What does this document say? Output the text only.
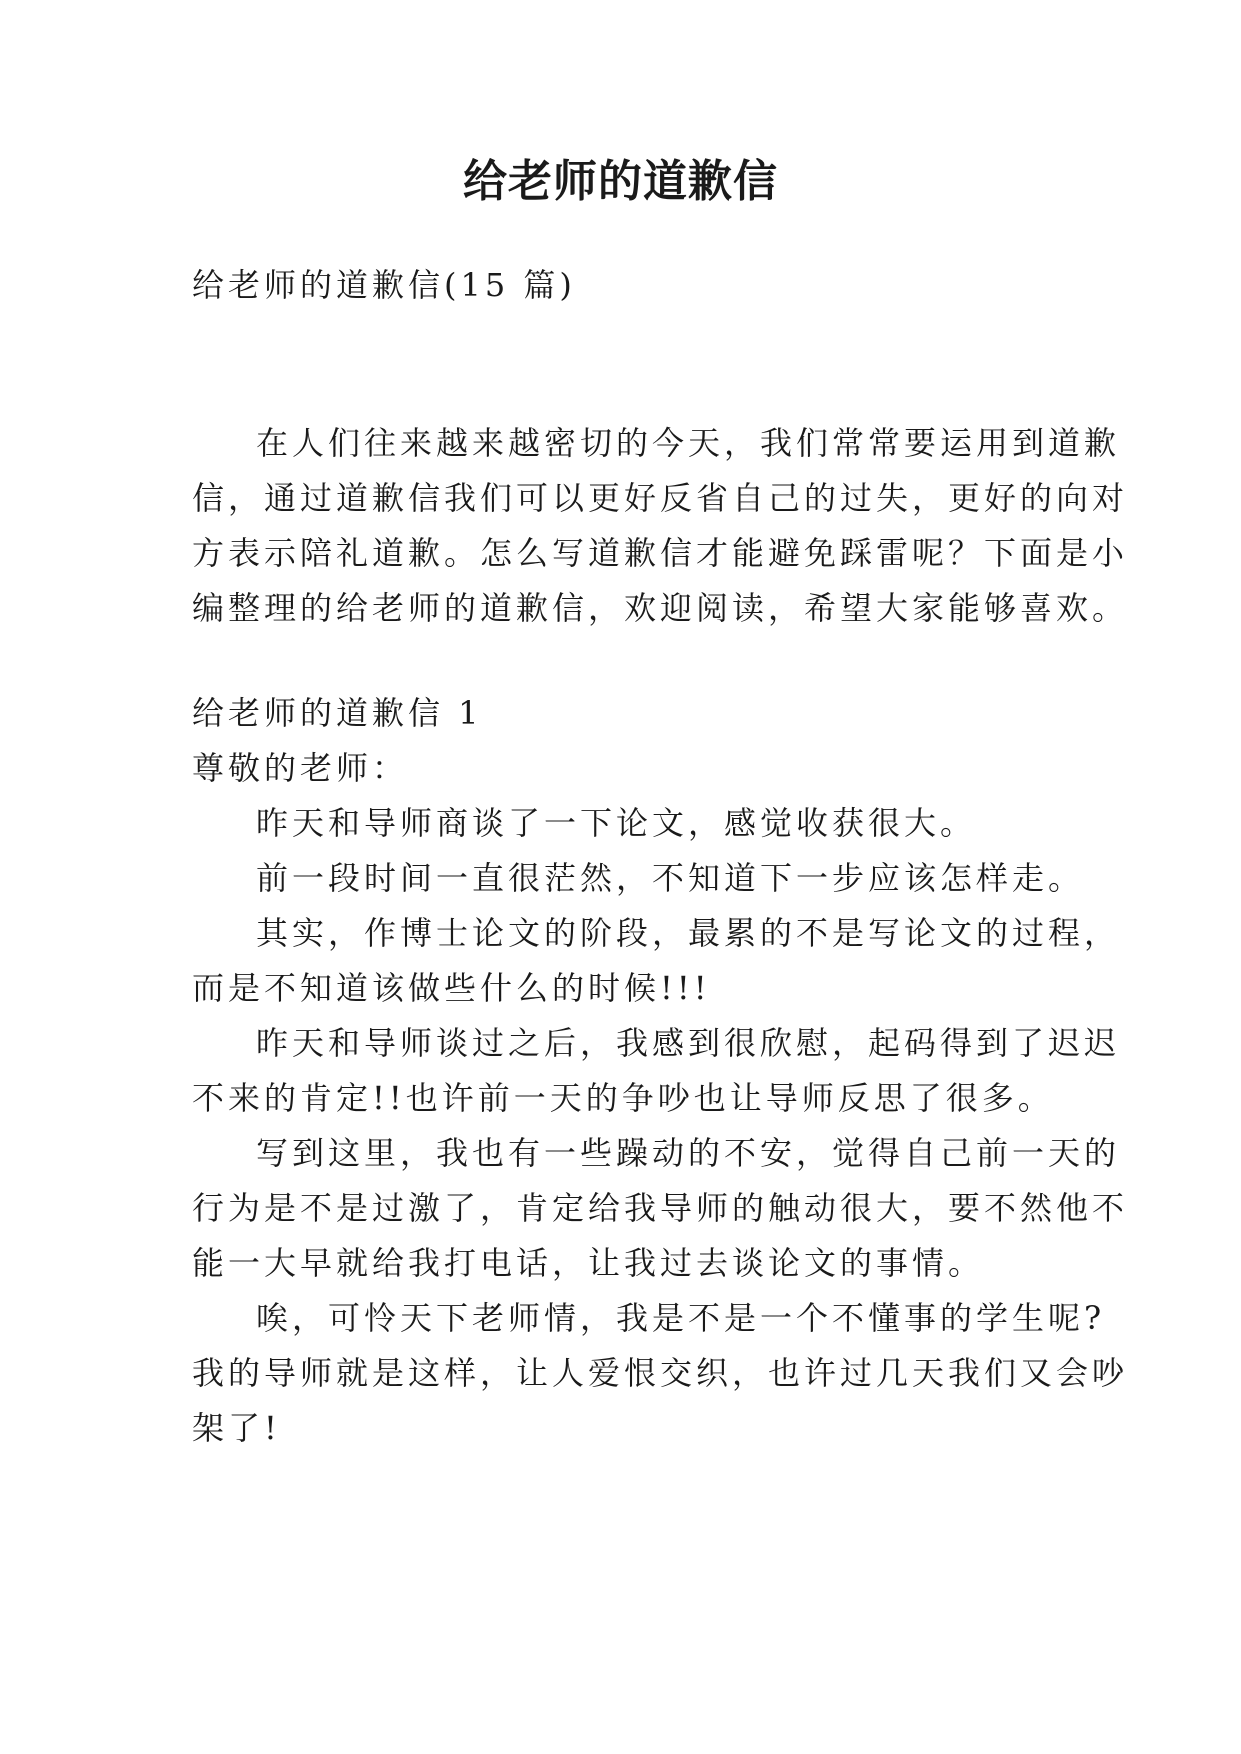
给老师的道歉信

给老师的道歉信(15 篇)

在人们往来越来越密切的今天，我们常常要运用到道歉

信，通过道歉信我们可以更好反省自己的过失，更好的向对

方表示陪礼道歉。怎么写道歉信才能避免踩雷呢？下面是小

编整理的给老师的道歉信，欢迎阅读，希望大家能够喜欢。

给老师的道歉信 1

尊敬的老师：

昨天和导师商谈了一下论文，感觉收获很大。

前一段时间一直很茫然，不知道下一步应该怎样走。

其实，作博士论文的阶段，最累的不是写论文的过程，

而是不知道该做些什么的时候!!!

昨天和导师谈过之后，我感到很欣慰，起码得到了迟迟

不来的肯定!!也许前一天的争吵也让导师反思了很多。

写到这里，我也有一些躁动的不安，觉得自己前一天的

行为是不是过激了，肯定给我导师的触动很大，要不然他不

能一大早就给我打电话，让我过去谈论文的事情。

唉，可怜天下老师情，我是不是一个不懂事的学生呢?

我的导师就是这样，让人爱恨交织，也许过几天我们又会吵

架了!
